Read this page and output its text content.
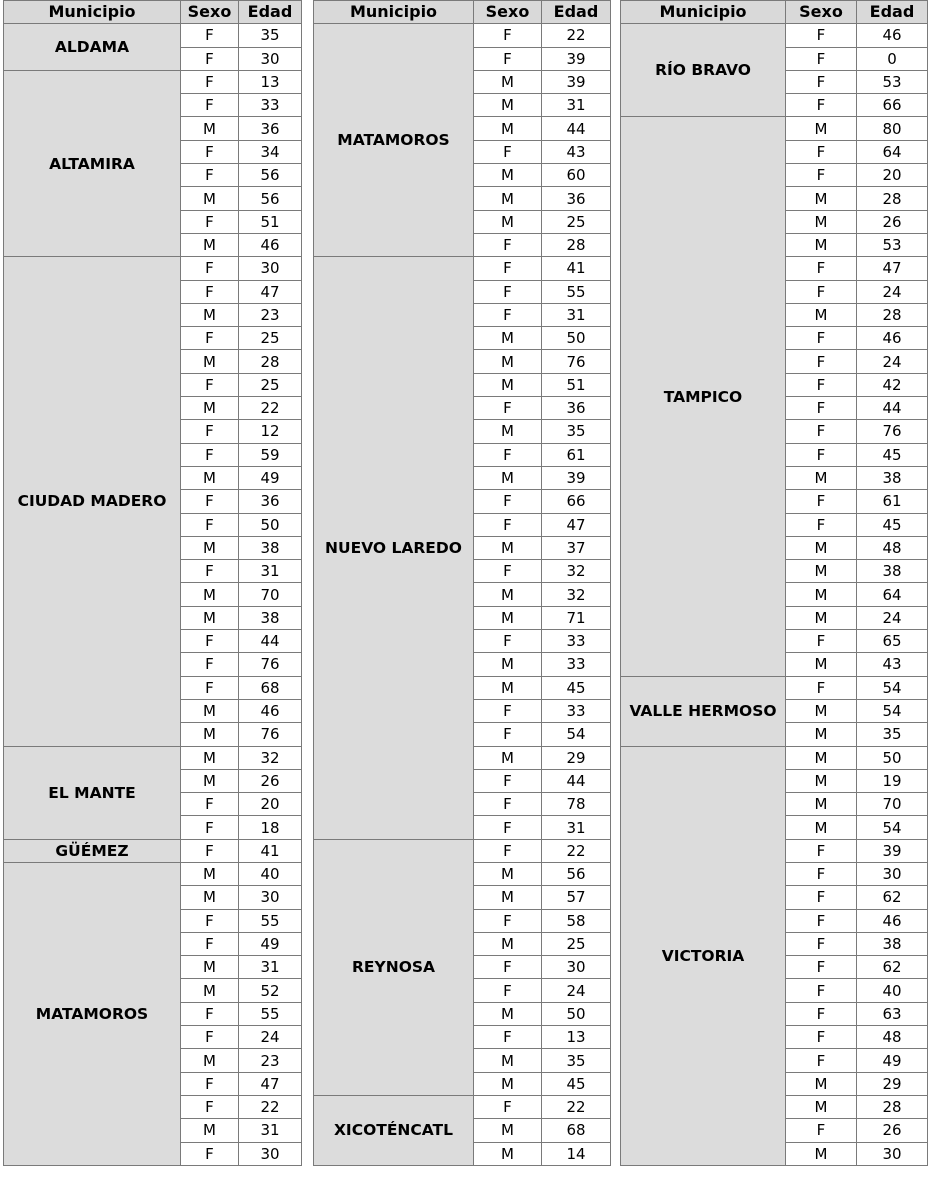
Municipio	Sexo	Edad
ALDAMA	F	35
	F	30
ALTAMIRA	F	13
	F	33
	M	36
	F	34
	F	56
	M	56
	F	51
	M	46
CIUDAD MADERO	F	30
	F	47
	M	23
	F	25
	M	28
	F	25
	M	22
	F	12
	F	59
	M	49
	F	36
	F	50
	M	38
	F	31
	M	70
	M	38
	F	44
	F	76
	F	68
	M	46
	M	76
EL MANTE	M	32
	M	26
	F	20
	F	18
GÜÉMEZ	F	41
MATAMOROS	M	40
	M	30
	F	55
	F	49
	M	31
	M	52
	F	55
	F	24
	M	23
	F	47
	F	22
	M	31
	F	30
Municipio	Sexo	Edad
MATAMOROS	F	22
	F	39
	M	39
	M	31
	M	44
	F	43
	M	60
	M	36
	M	25
	F	28
NUEVO LAREDO	F	41
	F	55
	F	31
	M	50
	M	76
	M	51
	F	36
	M	35
	F	61
	M	39
	F	66
	F	47
	M	37
	F	32
	M	32
	M	71
	F	33
	M	33
	M	45
	F	33
	F	54
	M	29
	F	44
	F	78
	F	31
REYNOSA	F	22
	M	56
	M	57
	F	58
	M	25
	F	30
	F	24
	M	50
	F	13
	M	35
	M	45
XICOTÉNCATL	F	22
	M	68
	M	14
Municipio	Sexo	Edad
RÍO BRAVO	F	46
	F	0
	F	53
	F	66
TAMPICO	M	80
	F	64
	F	20
	M	28
	M	26
	M	53
	F	47
	F	24
	M	28
	F	46
	F	24
	F	42
	F	44
	F	76
	F	45
	M	38
	F	61
	F	45
	M	48
	M	38
	M	64
	M	24
	F	65
	M	43
VALLE HERMOSO	F	54
	M	54
	M	35
VICTORIA	M	50
	M	19
	M	70
	M	54
	F	39
	F	30
	F	62
	F	46
	F	38
	F	62
	F	40
	F	63
	F	48
	F	49
	M	29
	M	28
	F	26
	M	30
